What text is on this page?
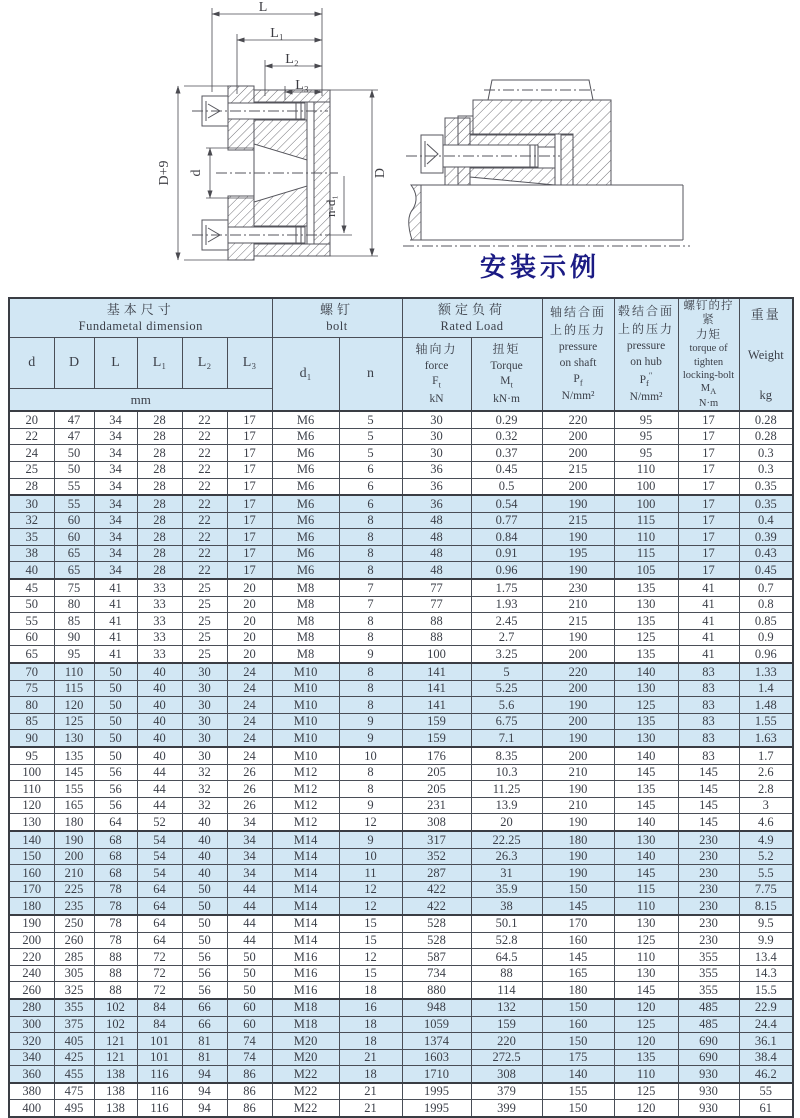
L
L₁
L₂
L₃
D+9 d	D
n-d₁
安装示例
基本尺寸
Fundametal dimension

螺钉
bolt

额定负荷
Rated Load

轴结合面
上的压力
pressure
on shaft
$P_f$
N/mm²

毂结合面
上的压力
pressure
on hub
$P_f''$
N/mm²

螺钉的拧紧
力矩
torque of
tighten
locking-bolt
$M_A$
N·m

重量
Weight
kg

d	D	L	L₁	L₂	L₃	d₁	n	轴向力
force
$F_t$
kN	扭矩
Torque
$M_t$
kN·m				

mm													
20	47	34	28	22	17	M6	5	30	0.29	220	95	17	0.28
22	47	34	28	22	17	M6	5	30	0.32	200	95	17	0.28
24	50	34	28	22	17	M6	5	30	0.37	200	95	17	0.3
25	50	34	28	22	17	M6	6	36	0.45	215	110	17	0.3
28	55	34	28	22	17	M6	6	36	0.5	200	100	17	0.35
30	55	34	28	22	17	M6	6	36	0.54	190	100	17	0.35
32	60	34	28	22	17	M6	8	48	0.77	215	115	17	0.4
35	60	34	28	22	17	M6	8	48	0.84	190	110	17	0.39
38	65	34	28	22	17	M6	8	48	0.91	195	115	17	0.43
40	65	34	28	22	17	M6	8	48	0.96	190	105	17	0.45
45	75	41	33	25	20	M8	7	77	1.75	230	135	41	0.7
50	80	41	33	25	20	M8	7	77	1.93	210	130	41	0.8
55	85	41	33	25	20	M8	8	88	2.45	215	135	41	0.85
60	90	41	33	25	20	M8	8	88	2.7	190	125	41	0.9
65	95	41	33	25	20	M8	9	100	3.25	200	135	41	0.96
70	110	50	40	30	24	M10	8	141	5	220	140	83	1.33
75	115	50	40	30	24	M10	8	141	5.25	200	130	83	1.4
80	120	50	40	30	24	M10	8	141	5.6	190	125	83	1.48
85	125	50	40	30	24	M10	9	159	6.75	200	135	83	1.55
90	130	50	40	30	24	M10	9	159	7.1	190	130	83	1.63
95	135	50	40	30	24	M10	10	176	8.35	200	140	83	1.7
100	145	56	44	32	26	M12	8	205	10.3	210	145	145	2.6
110	155	56	44	32	26	M12	8	205	11.25	190	135	145	2.8
120	165	56	44	32	26	M12	9	231	13.9	210	145	145	3
130	180	64	52	40	34	M12	12	308	20	190	140	145	4.6
140	190	68	54	40	34	M14	9	317	22.25	180	130	230	4.9
150	200	68	54	40	34	M14	10	352	26.3	190	140	230	5.2
160	210	68	54	40	34	M14	11	287	31	190	145	230	5.5
170	225	78	64	50	44	M14	12	422	35.9	150	115	230	7.75
180	235	78	64	50	44	M14	12	422	38	145	110	230	8.15
190	250	78	64	50	44	M14	15	528	50.1	170	130	230	9.5
200	260	78	64	50	44	M14	15	528	52.8	160	125	230	9.9
220	285	88	72	56	50	M16	12	587	64.5	145	110	355	13.4
240	305	88	72	56	50	M16	15	734	88	165	130	355	14.3
260	325	88	72	56	50	M16	18	880	114	180	145	355	15.5
280	355	102	84	66	60	M18	16	948	132	150	120	485	22.9
300	375	102	84	66	60	M18	18	1059	159	160	125	485	24.4
320	405	121	101	81	74	M20	18	1374	220	150	120	690	36.1
340	425	121	101	81	74	M20	21	1603	272.5	175	135	690	38.4
360	455	138	116	94	86	M22	18	1710	308	140	110	930	46.2
380	475	138	116	94	86	M22	21	1995	379	155	125	930	55
400	495	138	116	94	86	M22	21	1995	399	150	120	930	61
